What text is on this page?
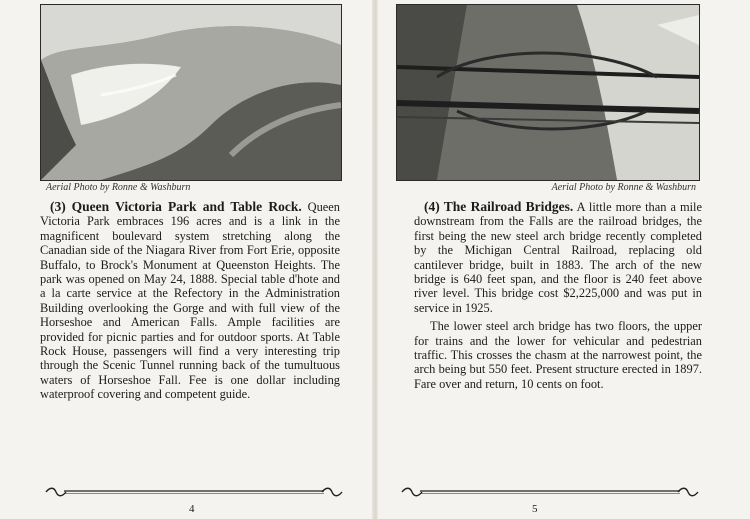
Aerial Photo by Ronne & Washburn

(3) Queen Victoria Park and Table Rock. Queen Victoria Park embraces 196 acres and is a link in the magnificent boulevard system stretching along the Canadian side of the Niagara River from Fort Erie, opposite Buffalo, to Brock's Monument at Queenston Heights. The park was opened on May 24, 1888. Special table d'hote and a la carte service at the Refectory in the Administration Building overlooking the Gorge and with full view of the Horseshoe and American Falls. Ample facilities are provided for picnic parties and for outdoor sports. At Table Rock House, passengers will find a very interesting trip through the Scenic Tunnel running back of the tumultuous waters of Horseshoe Fall. Fee is one dollar including waterproof covering and competent guide.

4
Aerial Photo by Ronne & Washburn

(4) The Railroad Bridges. A little more than a mile downstream from the Falls are the railroad bridges, the first being the new steel arch bridge recently completed by the Michigan Central Railroad, replacing old cantilever bridge, built in 1883. The arch of the new bridge is 640 feet span, and the floor is 240 feet above river level. This bridge cost $2,225,000 and was put in service in 1925.

The lower steel arch bridge has two floors, the upper for trains and the lower for vehicular and pedestrian traffic. This crosses the chasm at the narrowest point, the arch being but 550 feet. Present structure erected in 1897. Fare over and return, 10 cents on foot.

5
